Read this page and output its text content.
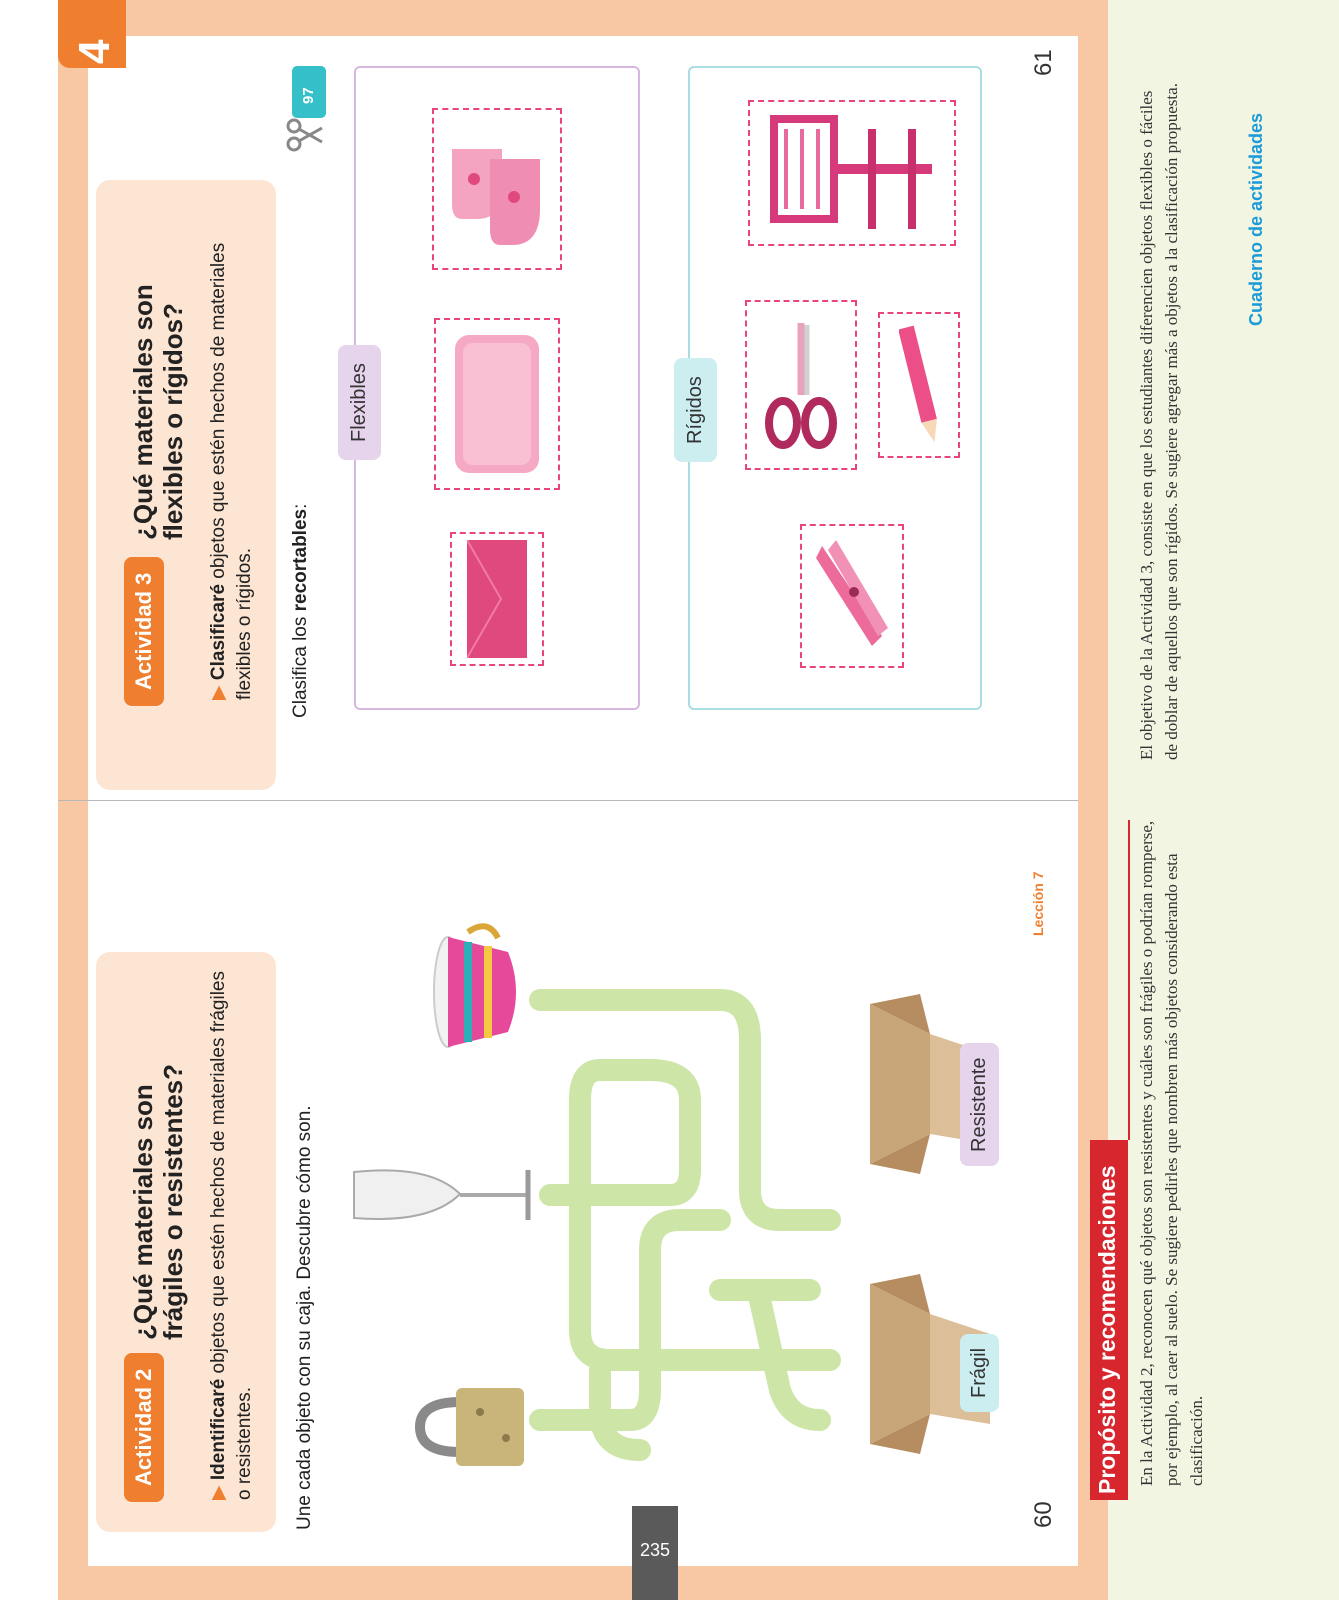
4
Actividad 3
¿Qué materiales son flexibles o rígidos?
▶ Clasificaré objetos que estén hechos de materiales flexibles o rígidos. Clasifica los recortables:
97
Flexibles	Rígidos
61
Actividad 2
¿Qué materiales son frágiles o resistentes?
▶ Identificaré objetos que estén hechos de materiales frágiles o resistentes. Une cada objeto con su caja. Descubre cómo son.	Frágil
Resistente
Lección 7
60
235
Propósito y recomendaciones En la Actividad 2, reconocen qué objetos son resistentes y cuáles son frágiles o podrían romperse, por ejemplo, al caer al suelo. Se sugiere pedirles que nombren más objetos considerando esta clasificación.
El objetivo de la Actividad 3, consiste en que los estudiantes diferencien objetos flexibles o fáciles de doblar de aquellos que son rígidos. Se sugiere agregar más a objetos a la clasificación propuesta.	Cuaderno de actividades
